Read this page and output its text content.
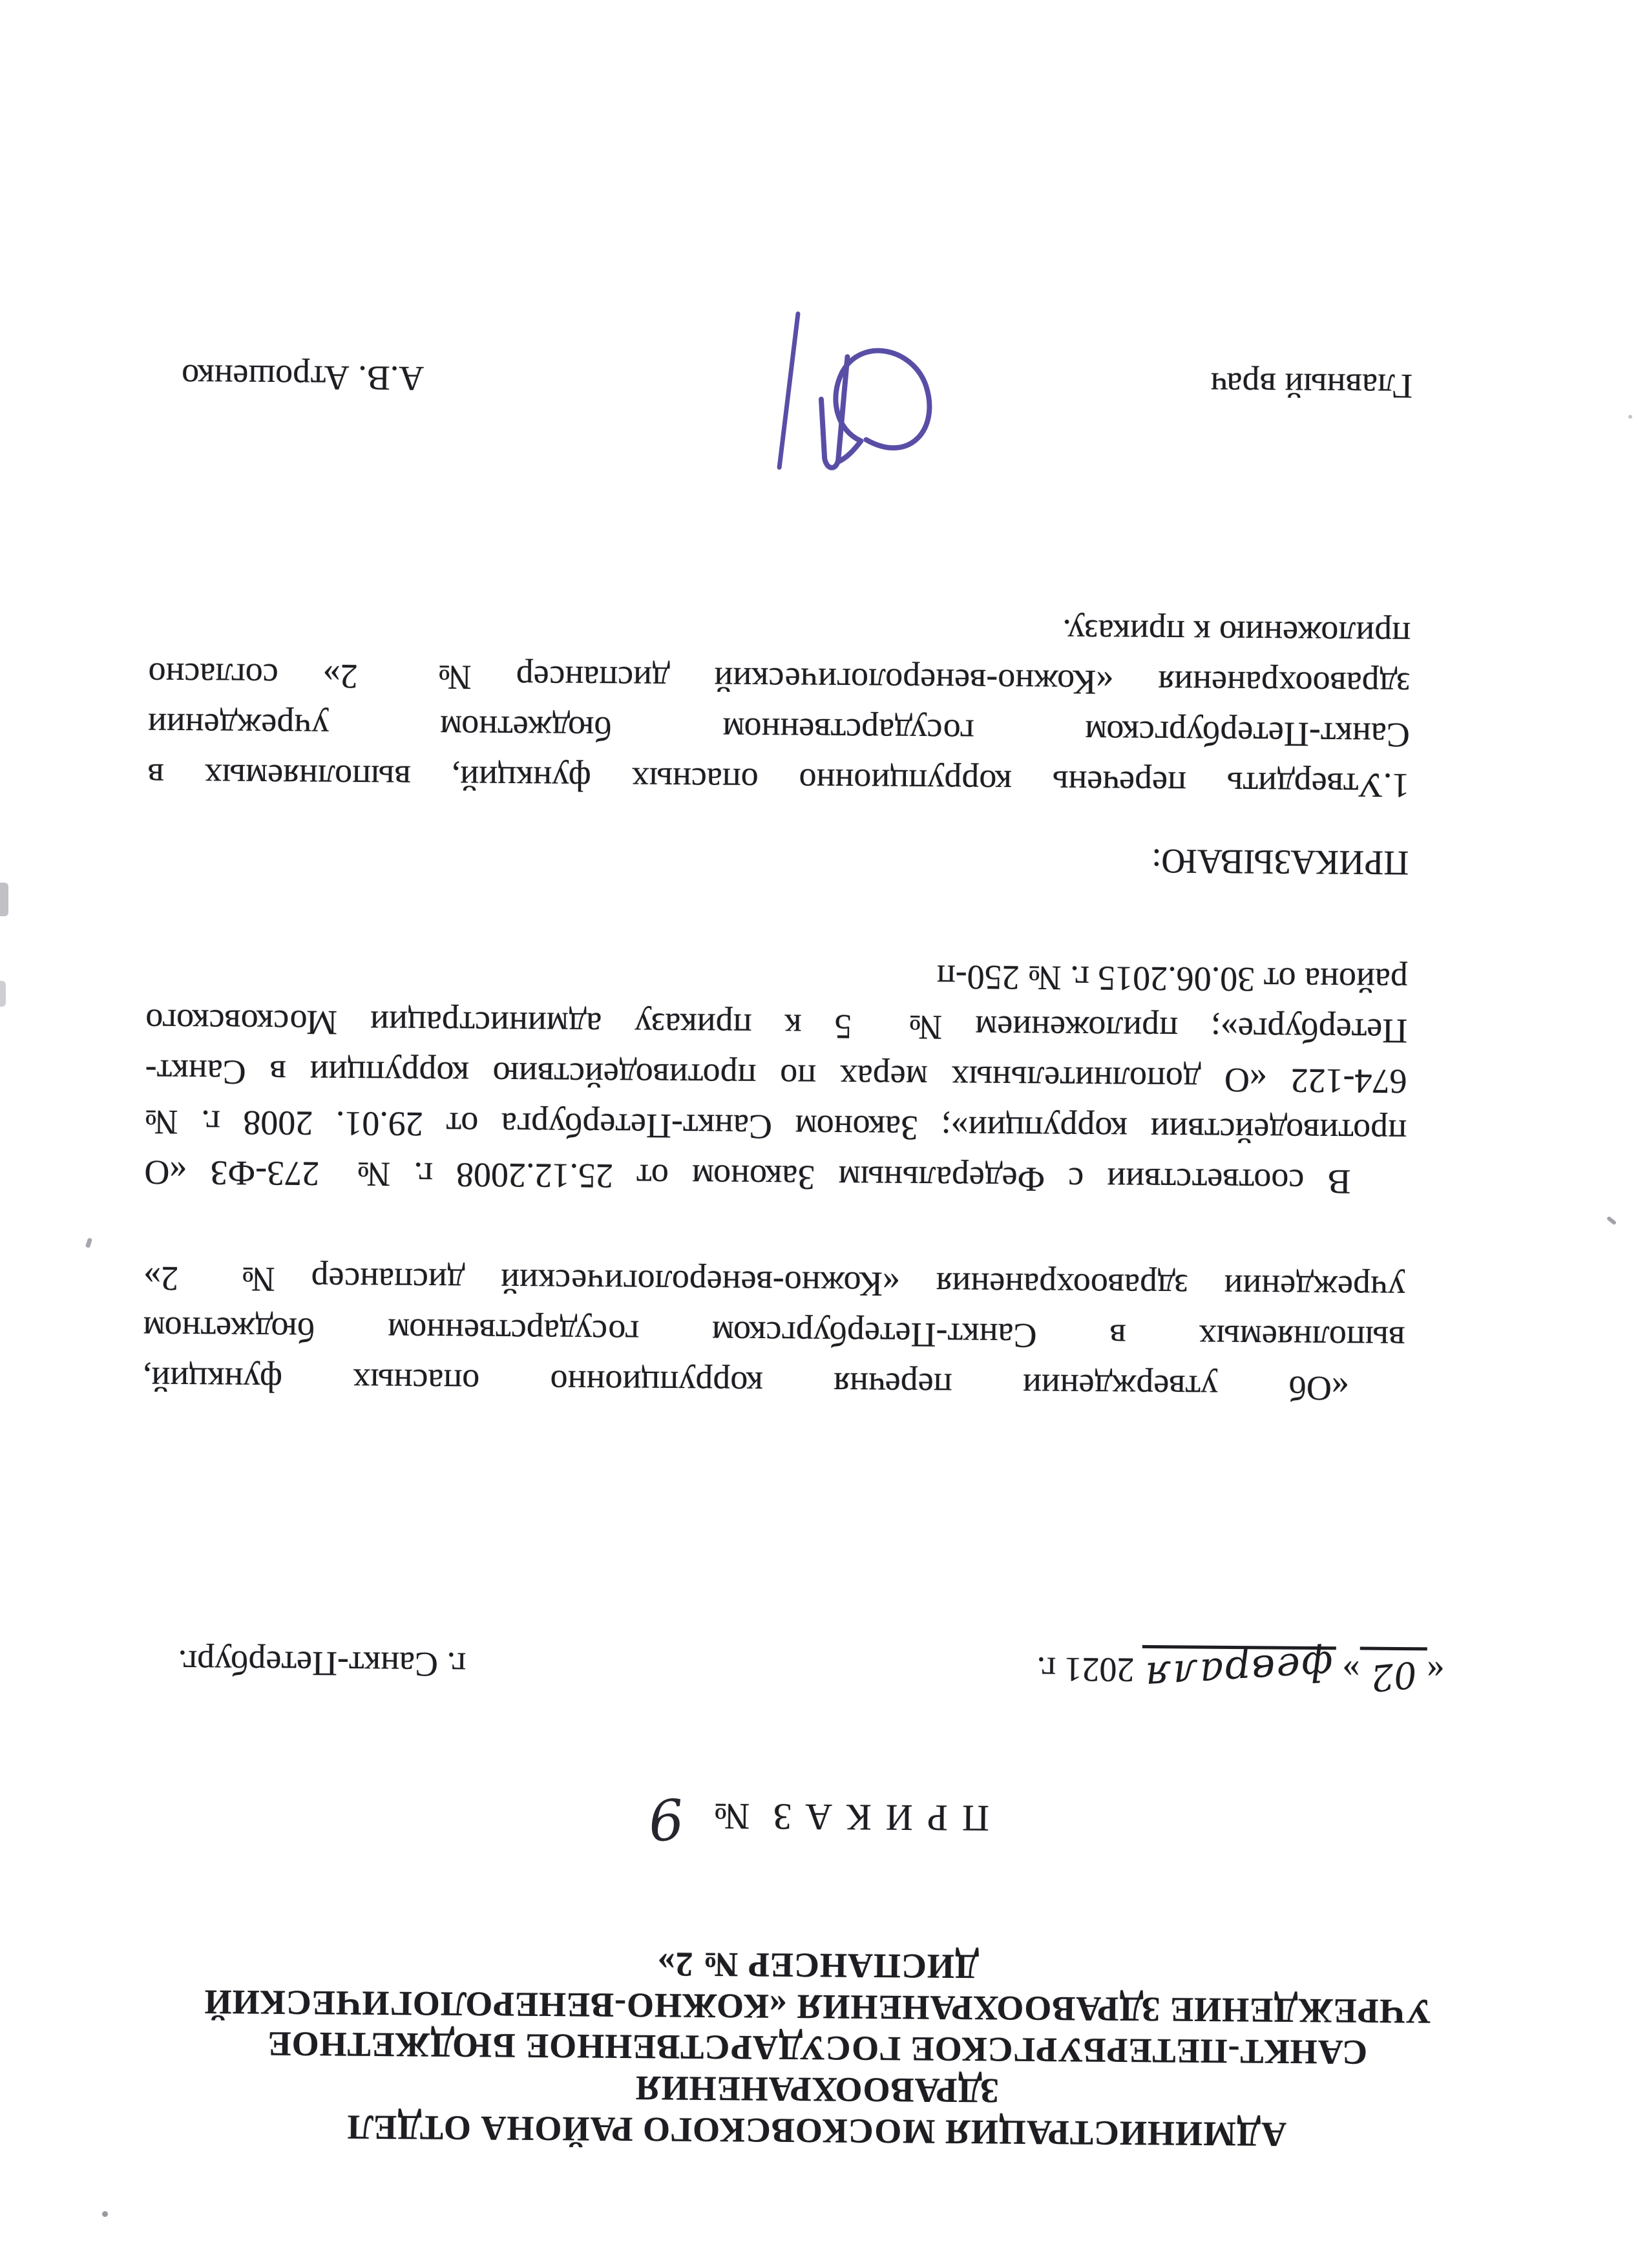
АДМИНИСТРАЦИЯ МОСКОВСКОГО РАЙОНА ОТДЕЛ
ЗДРАВООХРАНЕНИЯ
САНКТ-ПЕТЕРБУРГСКОЕ ГОСУДАРСТВЕННОЕ БЮДЖЕТНОЕ
УЧРЕЖДЕНИЕ ЗДРАВООХРАНЕНИЯ «КОЖНО-ВЕНЕРОЛОГИЧЕСКИЙ
ДИСПАНСЕР № 2»
ПРИКАЗ№9
«
02
»
февраля
2021 г.
г. Санкт-Петербург.
«Об утверждении перечня коррупционно опасных функций,
выполняемых в Санкт-Петербургском государственном бюджетном
учреждении здравоохранения «Кожно-венерологический диспансер № 2»
В соответствии с Федеральным Законом от 25.12.2008 г. № 273-ФЗ «О
противодействии коррупции»; Законом Санкт-Петербурга от 29.01. 2008 г. №
674-122 «О дополнительных мерах по противодействию коррупции в Санкт-
Петербурге»; приложением № 5 к приказу администрации Московского
района от 30.06.2015 г. № 250-п
ПРИКАЗЫВАЮ:
1.Утвердить перечень коррупционно опасных функций, выполняемых в
Санкт-Петербургском государственном бюджетном учреждении
здравоохранения «Кожно-венерологический диспансер № 2» согласно
приложению к приказу.
Главный врач
А.В. Атрошенко
